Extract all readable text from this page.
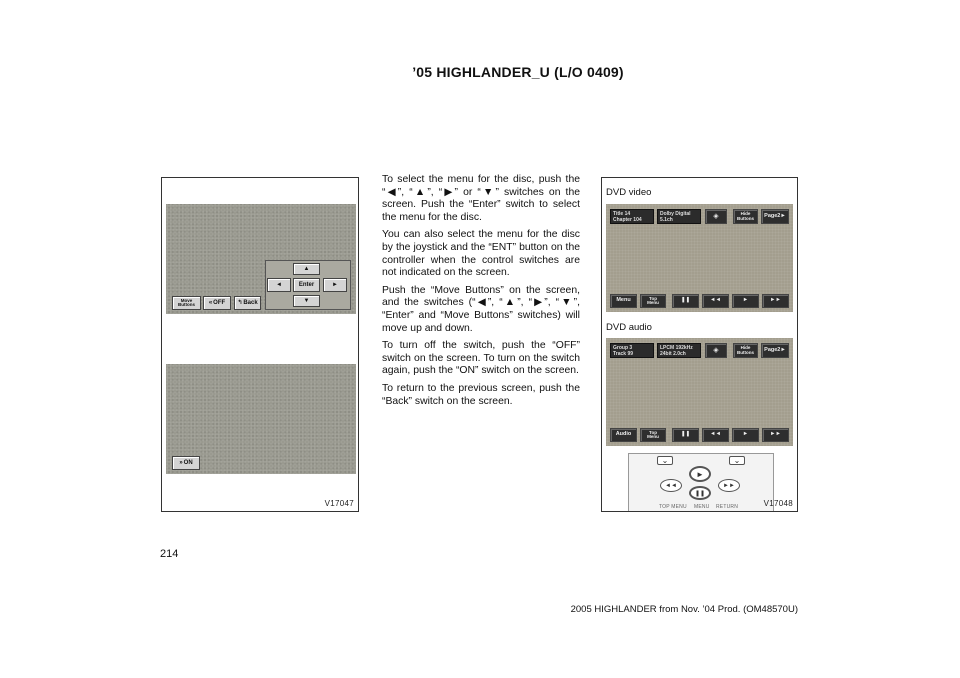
’05 HIGHLANDER_U (L/O 0409)
Move
Buttons	« OFF ↰ Back
▲
◄	Enter	►
▼
» ON
V17047

To select the menu for the disc, push the “◀”, “▲”, “▶” or “▼” switches on the screen. Push the “Enter” switch to select the menu for the disc.

You can also select the menu for the disc by the joystick and the “ENT” button on the controller when the control switches are not indicated on the screen.

Push the “Move Buttons” on the screen, and the switches (“◀”, “▲”, “▶”, “▼”, “Enter” and “Move Buttons” switches) will move up and down.

To turn off the switch, push the “OFF” switch on the screen. To turn on the switch again, push the “ON” switch on the screen.

To return to the previous screen, push the “Back” switch on the screen.

Title 14
Chapter 104
Dolby Digital
5.1ch	◈	Hide
Buttons	Page2 ►
Menu	Top
Menu	❚❚	◄◄	►	►►
Group 3
Track 99
LPCM 192kHz
24bit 2.0ch	◈	Hide
Buttons	Page2 ►
Audio	Top
Menu	❚❚	◄◄	►	►►
⌄	⌄
►
◄◄	►►
❚❚
TOP MENU MENU RETURN	V17048
DVD video
DVD audio
214
2005 HIGHLANDER from Nov. ’04 Prod. (OM48570U)
